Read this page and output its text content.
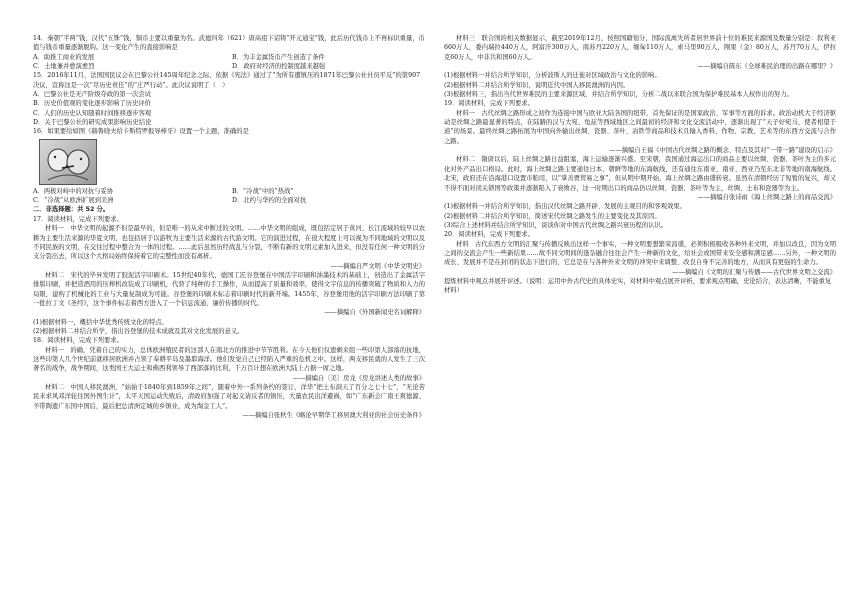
14．秦朝“半两”钱，汉代“五铢”钱，铜币主要以重量为名。武德四年（621）唐高祖下诏铸“开元通宝”钱，此后历代钱币上不再标识重量，币值与钱币重量逐渐脱钩。这一变化产生的直接影响是

A．助推工商业的发展	B．为丰金属货币产生创造了条件
C．土地兼并愈演愈烈	D．政府对经济的控制度越来越强

15．2016年11月，法国国民议会在巴黎公社145周年纪念之际，依据《宪法》通过了“为所有遭镇压的1871年巴黎公社社员平反”的第907决议，宣称这是一次“尽历史责任”的“庄严行动”。此决议说明了（　）

A．巴黎公社是无产阶级夺政的第一次尝试
B．历史价值观的变化逐步影响了历史评价
C．人们的历史认知随着时间推移逐步客观
D．关于巴黎公社的研究成果影响历史结论

16．如果要给如图《赫鲁晓夫给卡斯特罗报导棒牙》设置一个主题，准确的是

A．两极对峙中的对抗与妥协	B．“冷战”中的“热战”
C．“冷战”从欧洲扩展到美洲	D．北约与华约的全面对抗

二．非选择题：共 52 分。

17．阅读材料，完成下列要求。

材料一　中华文明的起源不但是最早的，但是唯一的从来中断过的文明。……中华文明的组成，既包括定居于黄河、长江流域的较早以农耕为主要生活来源的华夏文明，也包括居于以游牧为主要生活来源的古代游文明。它的演进过程，在很大程度上可以视为不同地域的文明以及不同民族的文明，在交往过程中整合为一体的过程。……此后虽然历经战乱与分裂，不断有新的文明元素加入进来，但没有任何一种文明的分支分裂出去，所以这个大格局始终保持着它的完整性而没有离析。

——摘编自严文明《中华文明史》

材料二　宋代的毕昇发明了胶泥活字印刷术。15世纪40年代，德国工匠谷登堡在中国活字印刷和油墨技术的基础上，创造出了金属活字排版印刷，并把造酒用的压榨机改装成了印刷机，代替了纯种的手工操作，从而提高了质量和效率，使得文字信息的传播突破了物质和人力的局限，建构了机械化的工业与大量复制成为可能。谷登堡的印刷术标志着印刷时代的新开端。1455年，谷登堡用他的活字印刷方法印刷了第一批拉丁文《圣经》，这个事件标志着西方进入了一个信息流通、廉价传播的时代。

——摘编自《外国新闻史名词解释》

(1)根据材料一，概括中华优秀传统文化的特点。

(2)根据材料二并结合所学，指出谷登堡的技术成就及其对文化发展的意义。

18．阅读材料，完成下列要求。

材料一　的确，凭着自己的实力，总体欧洲殖民者的这部人在南北方的推进中节节胜利。在今天他们仅遗剩来组一些印第人部落的抗地，这些印第人几个世纪前就移居欧洲并占领了奉耕平岛及墨耶海洋。他们发觉自己已经陷入严重的危机之中。这样，两支移民就的人发生了三次著名的战争，战争期间，这类国王大运士和佛西利领导了西部落的比利，千万百计想在欧洲大陆上占据一席之地。

——摘编自〔美〕房龙《房龙讲述人类的故事》

材料二　中国人移民澳洲，“始始于1840年到1859年之间”，随着中外一系列条约的签订，洋华“把土布洞天了百分之七十七”，“无论苦民来求风邓洋轮往国外图生计”，太平天国运动失败后，清政府加强了对起义请反者的镇压，大量农民出洋避祸，如“广东新会广南王爽德源、羊带陶遗广东国中国后，最后把总清洲定城的乡镇业，成为淘金工人”。

——摘编自张秋生《略论早期华工移居澳大利亚的社会历史条件》

材料三　联合国的相关数据显示，截至2019年12月，按照国籍划分，国际流离失所者居世界前十位的难民来源国及数量分别是：叙利亚660万人，委内瑞拉440万人，阿富汗300万人，南苏丹220万人，缅甸110万人，索马里90万人，刚果（金）80万人，苏丹70万人，伊拉克60万人，中非共和国60万人。

——摘编自陈东《全球难民治理的出路在哪里？》

(1)根据材料一并结合所学知识，分析波斯人的迁徙对区域政治与文化的影响。

(2)根据材料二并结合所学知识，说明近代中国人移民澳洲的内因。

(3)根据材料三，指出当代世界难民的主要来源区域，并结合所学知识，分析二战以来联合国为保护难民基本人权作出的努力。

19．阅读材料，完成下列要求。

材料一　古代丝绸之路形成之初作为连接中国与欧亚大陆各国的纽带，首先保证的是国家政治、军事等方面的诉求。政治动机大于经济驱动是丝绸之路最显著的特点，在陆路的汉与大宛、龟兹等西域地区之间最初的经济和文化交流活动中，逐渐出现了“天子好宛马，使者相望于道”的场景。最终丝绸之路拓展为中国向外输出丝绸、瓷器、茶叶、冶铁等商品和技术且输入香料、作物、宗教、艺术等的东西方交流与合作之路。

——摘编自王福《中国古代丝绸之路的概念、特点及其对“一带一路”建设的启示》

材料二　隋唐以后，陆上丝绸之路日益阻塞，海上运输逐渐兴盛。至宋朝，我国通过海运出口的商品主要以丝绸、瓷器、茶叶为主的多元化对外产品出口格局。此时，海上丝绸之路主要通往日本、朝鲜等地的东海航线，还有通往东南亚、南亚、西亚乃至东北非等地的南海航线。北宋，政府还在沿海港口设置市舶司，以“掌善贾贸易之事”，但从明中期开始，海上丝绸之路由盛转衰。虽然在清朝经历了短暂的复兴，却又不得不面对闭关锁国等政策并逐渐陷入了衰败谷，这一时期出口的商品仍以丝绸、瓷器、茶叶等为主，丝绸、土布和瓷器等为主。

——摘编自张诗雨《海上丝绸之路上的商品交流》

(1)根据材料一并结合所学知识，指出汉代丝绸之路开辟、发展的主观目的和客观效果。

(2)根据材料二并结合所学知识，简述宋代丝绸之路发生的主要变化及其原因。

(3)综合上述材料并结合所学知识，谈谈你对中国古代丝绸之路兴衰历程的认识。

20．阅读材料，完成下列要求。

材料　古代东西方文明的汇聚与传播反映出这样一个事实，一种文明要想繁荣昌盛，必须积极吸收各种外来文明，并加以改良，因为文明之间的交流会产生一些新结果……故不同文明间的逢杂融合往往会产生一种新的文化，给社会或国带来安全感和满足感……另外，一种文明的成长、发展并不是在封闭的状态下进行的，它总是在与各种外来文明的冲突中来调整、改良自身不完善的地方，从而具有更强的生命力。

——摘编自《文明的汇聚与传播——古代世界文明之交流》

提炼材料中观点并展开评述。（说明：运用中外古代史的具体史实，对材料中观点展开评析，要求观点明确，史论结合，表达清晰，不能重复材料）
